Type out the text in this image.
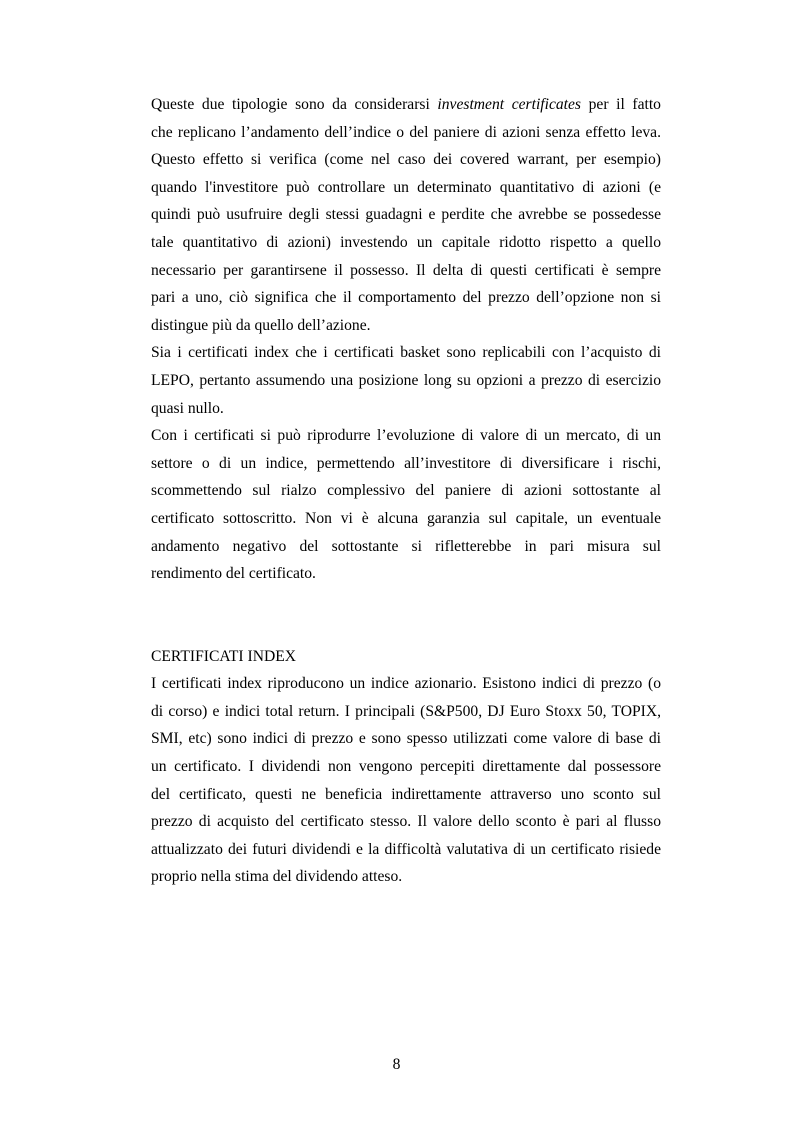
Queste due tipologie sono da considerarsi investment certificates per il fatto
che replicano l’andamento dell’indice o del paniere di azioni senza effetto leva.
Questo effetto si verifica (come nel caso dei covered warrant, per esempio)
quando l'investitore può controllare un determinato quantitativo di azioni (e
quindi può usufruire degli stessi guadagni e perdite che avrebbe se possedesse
tale quantitativo di azioni) investendo un capitale ridotto rispetto a quello
necessario per garantirsene il possesso. Il delta di questi certificati è sempre
pari a uno, ciò significa che il comportamento del prezzo dell’opzione non si
distingue più da quello dell’azione.

Sia i certificati index che i certificati basket sono replicabili con l’acquisto di
LEPO, pertanto assumendo una posizione long su opzioni a prezzo di esercizio
quasi nullo.

Con i certificati si può riprodurre l’evoluzione di valore di un mercato, di un
settore o di un indice, permettendo all’investitore di diversificare i rischi,
scommettendo sul rialzo complessivo del paniere di azioni sottostante al
certificato sottoscritto. Non vi è alcuna garanzia sul capitale, un eventuale
andamento negativo del sottostante si rifletterebbe in pari misura sul
rendimento del certificato.

CERTIFICATI INDEX

I certificati index riproducono un indice azionario. Esistono indici di prezzo (o
di corso) e indici total return. I principali (S&P500, DJ Euro Stoxx 50, TOPIX,
SMI, etc) sono indici di prezzo e sono spesso utilizzati come valore di base di
un certificato. I dividendi non vengono percepiti direttamente dal possessore
del certificato, questi ne beneficia indirettamente attraverso uno sconto sul
prezzo di acquisto del certificato stesso. Il valore dello sconto è pari al flusso
attualizzato dei futuri dividendi e la difficoltà valutativa di un certificato risiede
proprio nella stima del dividendo atteso.

8
